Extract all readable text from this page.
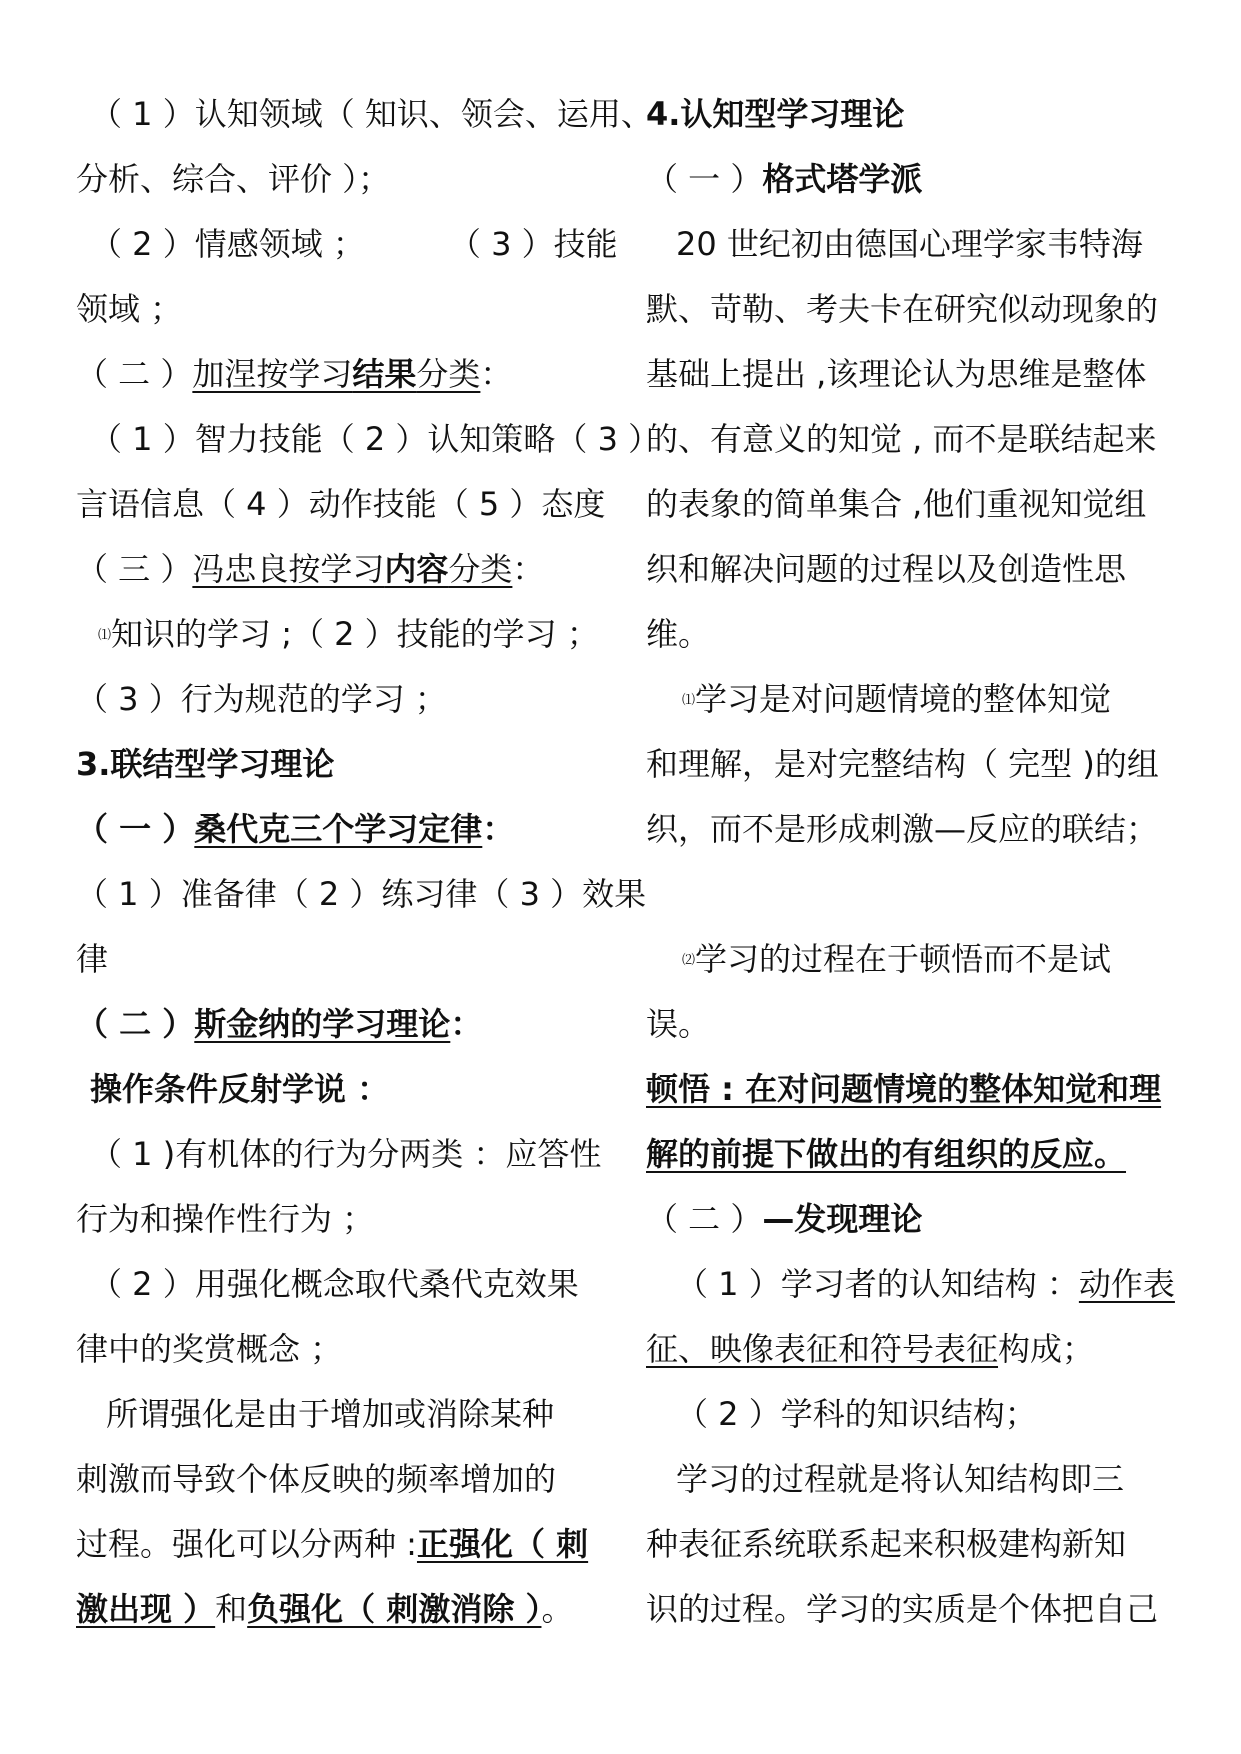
（ 1 ）认知领域（ 知识、领会、运用、
分析、综合、评价 ）；
（ 2 ）情感领域 ；	（ 3 ）技能
领域 ；
（ 二 ）加涅按学习结果分类：
（ 1 ）智力技能（ 2 ）认知策略（ 3 ）
言语信息（ 4 ）动作技能（ 5 ）态度
（ 三 ）冯忠良按学习内容分类：
⑴知识的学习 ;（ 2 ）技能的学习 ；
（ 3 ）行为规范的学习 ；
3.联结型学习理论
（ 一 ）桑代克三个学习定律：
（ 1 ）准备律（ 2 ）练习律（ 3 ）效果
律
（ 二 ）斯金纳的学习理论：
操作条件反射学说 ：
（ 1 )有机体的行为分两类 ：应答性
行为和操作性行为 ；
（ 2 ）用强化概念取代桑代克效果
律中的奖赏概念 ；
所谓强化是由于增加或消除某种
刺激而导致个体反映的频率增加的
过程。强化可以分两种 :正强化（ 刺
激出现 ）和负强化（ 刺激消除 ）。
4.认知型学习理论
（ 一 ）格式塔学派
20 世纪初由德国心理学家韦特海
默、苛勒、考夫卡在研究似动现象的
基础上提出 ,该理论认为思维是整体
的、有意义的知觉 , 而不是联结起来
的表象的简单集合 ,他们重视知觉组
织和解决问题的过程以及创造性思
维。
⑴学习是对问题情境的整体知觉
和理解，是对完整结构（ 完型 )的组
织，而不是形成刺激—反应的联结；
⑵学习的过程在于顿悟而不是试
误。
顿悟 : 在对问题情境的整体知觉和理
解的前提下做出的有组织的反应。
（ 二 ）—发现理论
（ 1 ）学习者的认知结构 ：动作表
征、映像表征和符号表征构成；
（ 2 ）学科的知识结构；
学习的过程就是将认知结构即三
种表征系统联系起来积极建构新知
识的过程。学习的实质是个体把自己
